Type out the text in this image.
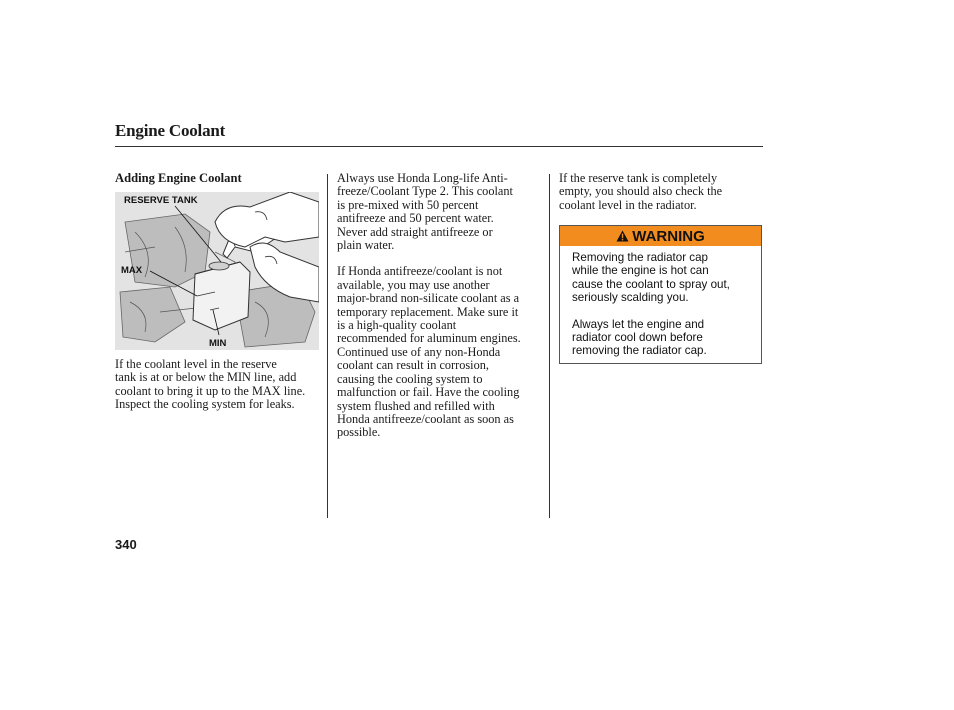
Engine Coolant

Adding Engine Coolant

RESERVE TANK
MAX
MIN

If the coolant level in the reserve

tank is at or below the MIN line, add

coolant to bring it up to the MAX line.

Inspect the cooling system for leaks.

Always use Honda Long-life Anti-

freeze/Coolant Type 2. This coolant

is pre-mixed with 50 percent

antifreeze and 50 percent water.

Never add straight antifreeze or

plain water.

If Honda antifreeze/coolant is not

available, you may use another

major-brand non-silicate coolant as a

temporary replacement. Make sure it

is a high-quality coolant

recommended for aluminum engines.

Continued use of any non-Honda

coolant can result in corrosion,

causing the cooling system to

malfunction or fail. Have the cooling

system flushed and refilled with

Honda antifreeze/coolant as soon as

possible.

If the reserve tank is completely

empty, you should also check the

coolant level in the radiator.

WARNING

Removing the radiator cap
while the engine is hot can
cause the coolant to spray out,
seriously scalding you.

Always let the engine and
radiator cool down before
removing the radiator cap.

340
